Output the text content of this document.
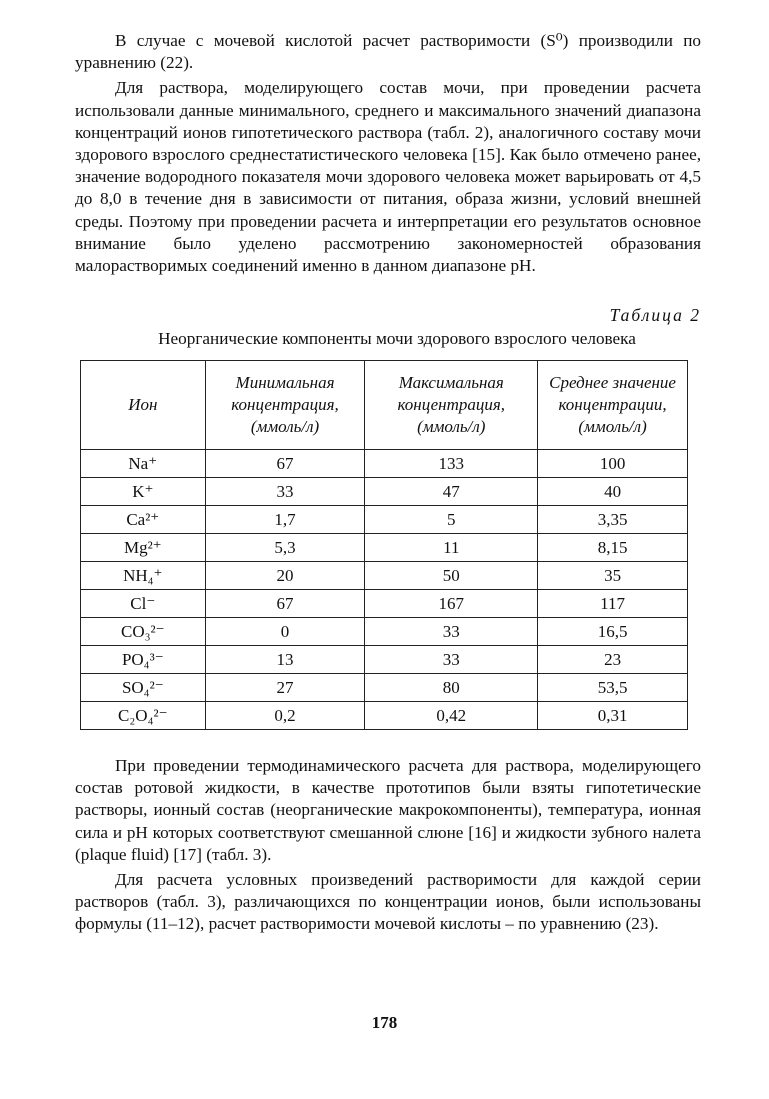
В случае с мочевой кислотой расчет растворимости (S⁰) производили по уравнению (22).

Для раствора, моделирующего состав мочи, при проведении расчета использовали данные минимального, среднего и максимального значений диапазона концентраций ионов гипотетического раствора (табл. 2), аналогичного составу мочи здорового взрослого среднестатистического человека [15]. Как было отмечено ранее, значение водородного показателя мочи здорового человека может варьировать от 4,5 до 8,0 в течение дня в зависимости от питания, образа жизни, условий внешней среды. Поэтому при проведении расчета и интерпретации его результатов основное внимание было уделено рассмотрению закономерностей образования малорастворимых соединений именно в данном диапазоне pH.

Таблица 2
Неорганические компоненты мочи здорового взрослого человека
Ион	Минимальная концентрация, (ммоль/л)	Максимальная концентрация, (ммоль/л)	Среднее значение концентрации, (ммоль/л)
Na⁺	67	133	100
K⁺	33	47	40
Ca²⁺	1,7	5	3,35
Mg²⁺	5,3	11	8,15
NH₄⁺	20	50	35
Cl⁻	67	167	117
CO₃²⁻	0	33	16,5
PO₄³⁻	13	33	23
SO₄²⁻	27	80	53,5
C₂O₄²⁻	0,2	0,42	0,31

При проведении термодинамического расчета для раствора, моделирующего состав ротовой жидкости, в качестве прототипов были взяты гипотетические растворы, ионный состав (неорганические макрокомпоненты), температура, ионная сила и pH которых соответствуют смешанной слюне [16] и жидкости зубного налета (plaque fluid) [17] (табл. 3).

Для расчета условных произведений растворимости для каждой серии растворов (табл. 3), различающихся по концентрации ионов, были использованы формулы (11–12), расчет растворимости мочевой кислоты – по уравнению (23).

178
